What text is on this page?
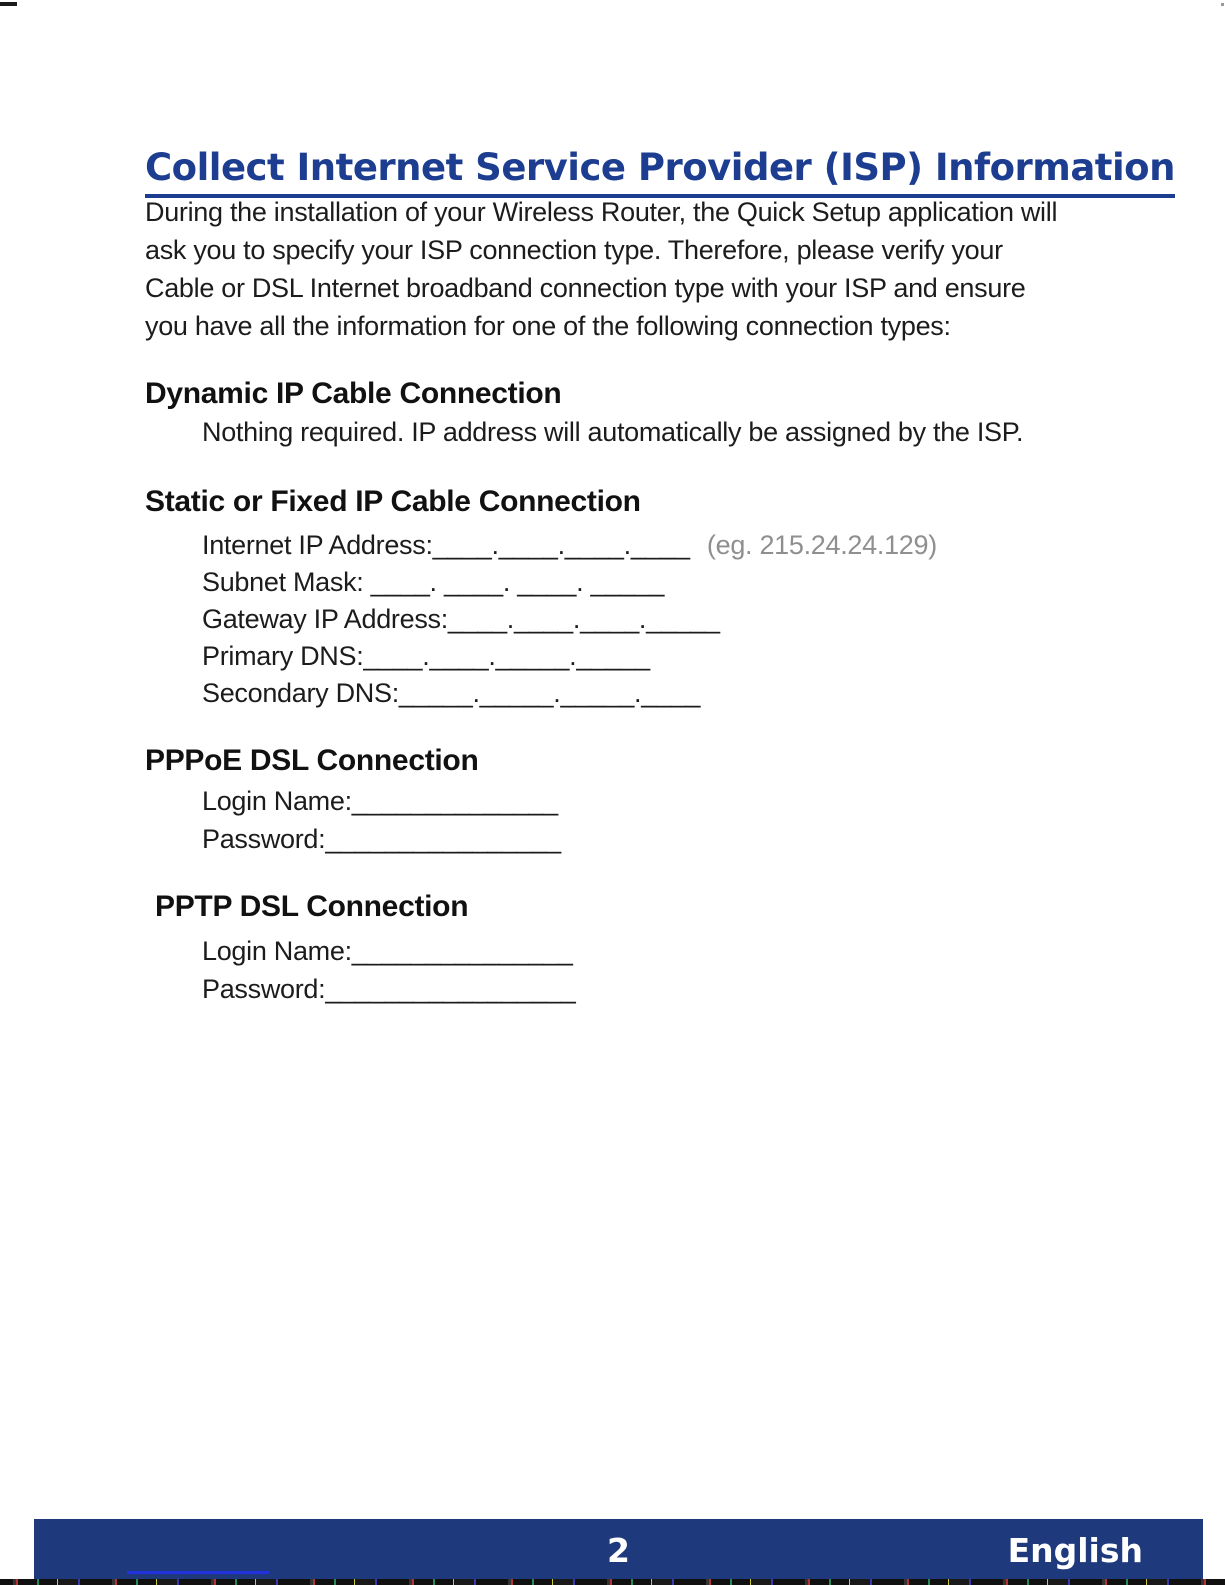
Collect Internet Service Provider (ISP) Information
During the installation of your Wireless Router, the Quick Setup application will
ask you to specify your ISP connection type. Therefore, please verify your
Cable or DSL Internet broadband connection type with your ISP and ensure
you have all the information for one of the following connection types:
Dynamic IP Cable Connection
Nothing required. IP address will automatically be assigned by the ISP.
Static or Fixed IP Cable Connection
Internet IP Address:____.____.____.____ (eg. 215.24.24.129)
Subnet Mask: ____. ____. ____. _____
Gateway IP Address:____.____.____._____
Primary DNS:____.____._____._____
Secondary DNS:_____._____._____.____
PPPoE DSL Connection
Login Name:______________
Password:________________
PPTP DSL Connection
Login Name:_______________
Password:_________________
2	English
